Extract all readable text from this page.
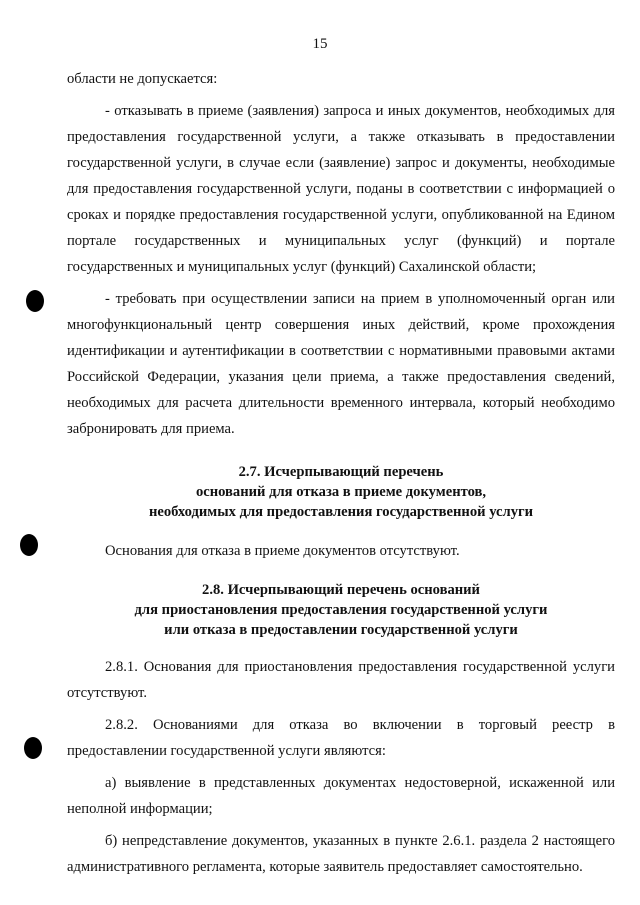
15

области не допускается:

- отказывать в приеме (заявления) запроса и иных документов, необходимых для предоставления государственной услуги, а также отказывать в предоставлении государственной услуги, в случае если (заявление) запрос и документы, необходимые для предоставления государственной услуги, поданы в соответствии с информацией о сроках и порядке предоставления государственной услуги, опубликованной на Едином портале государственных и муниципальных услуг (функций) и портале государственных и муниципальных услуг (функций) Сахалинской области;

- требовать при осуществлении записи на прием в уполномоченный орган или многофункциональный центр совершения иных действий, кроме прохождения идентификации и аутентификации в соответствии с нормативными правовыми актами Российской Федерации, указания цели приема, а также предоставления сведений, необходимых для расчета длительности временного интервала, который необходимо забронировать для приема.

2.7. Исчерпывающий перечень
оснований для отказа в приеме документов,
необходимых для предоставления государственной услуги

Основания для отказа в приеме документов отсутствуют.

2.8. Исчерпывающий перечень оснований
для приостановления предоставления государственной услуги
или отказа в предоставлении государственной услуги

2.8.1. Основания для приостановления предоставления государственной услуги отсутствуют.

2.8.2. Основаниями для отказа во включении в торговый реестр в предоставлении государственной услуги являются:

а) выявление в представленных документах недостоверной, искаженной или неполной информации;

б) непредставление документов, указанных в пункте 2.6.1. раздела 2 настоящего административного регламента, которые заявитель предоставляет самостоятельно.
